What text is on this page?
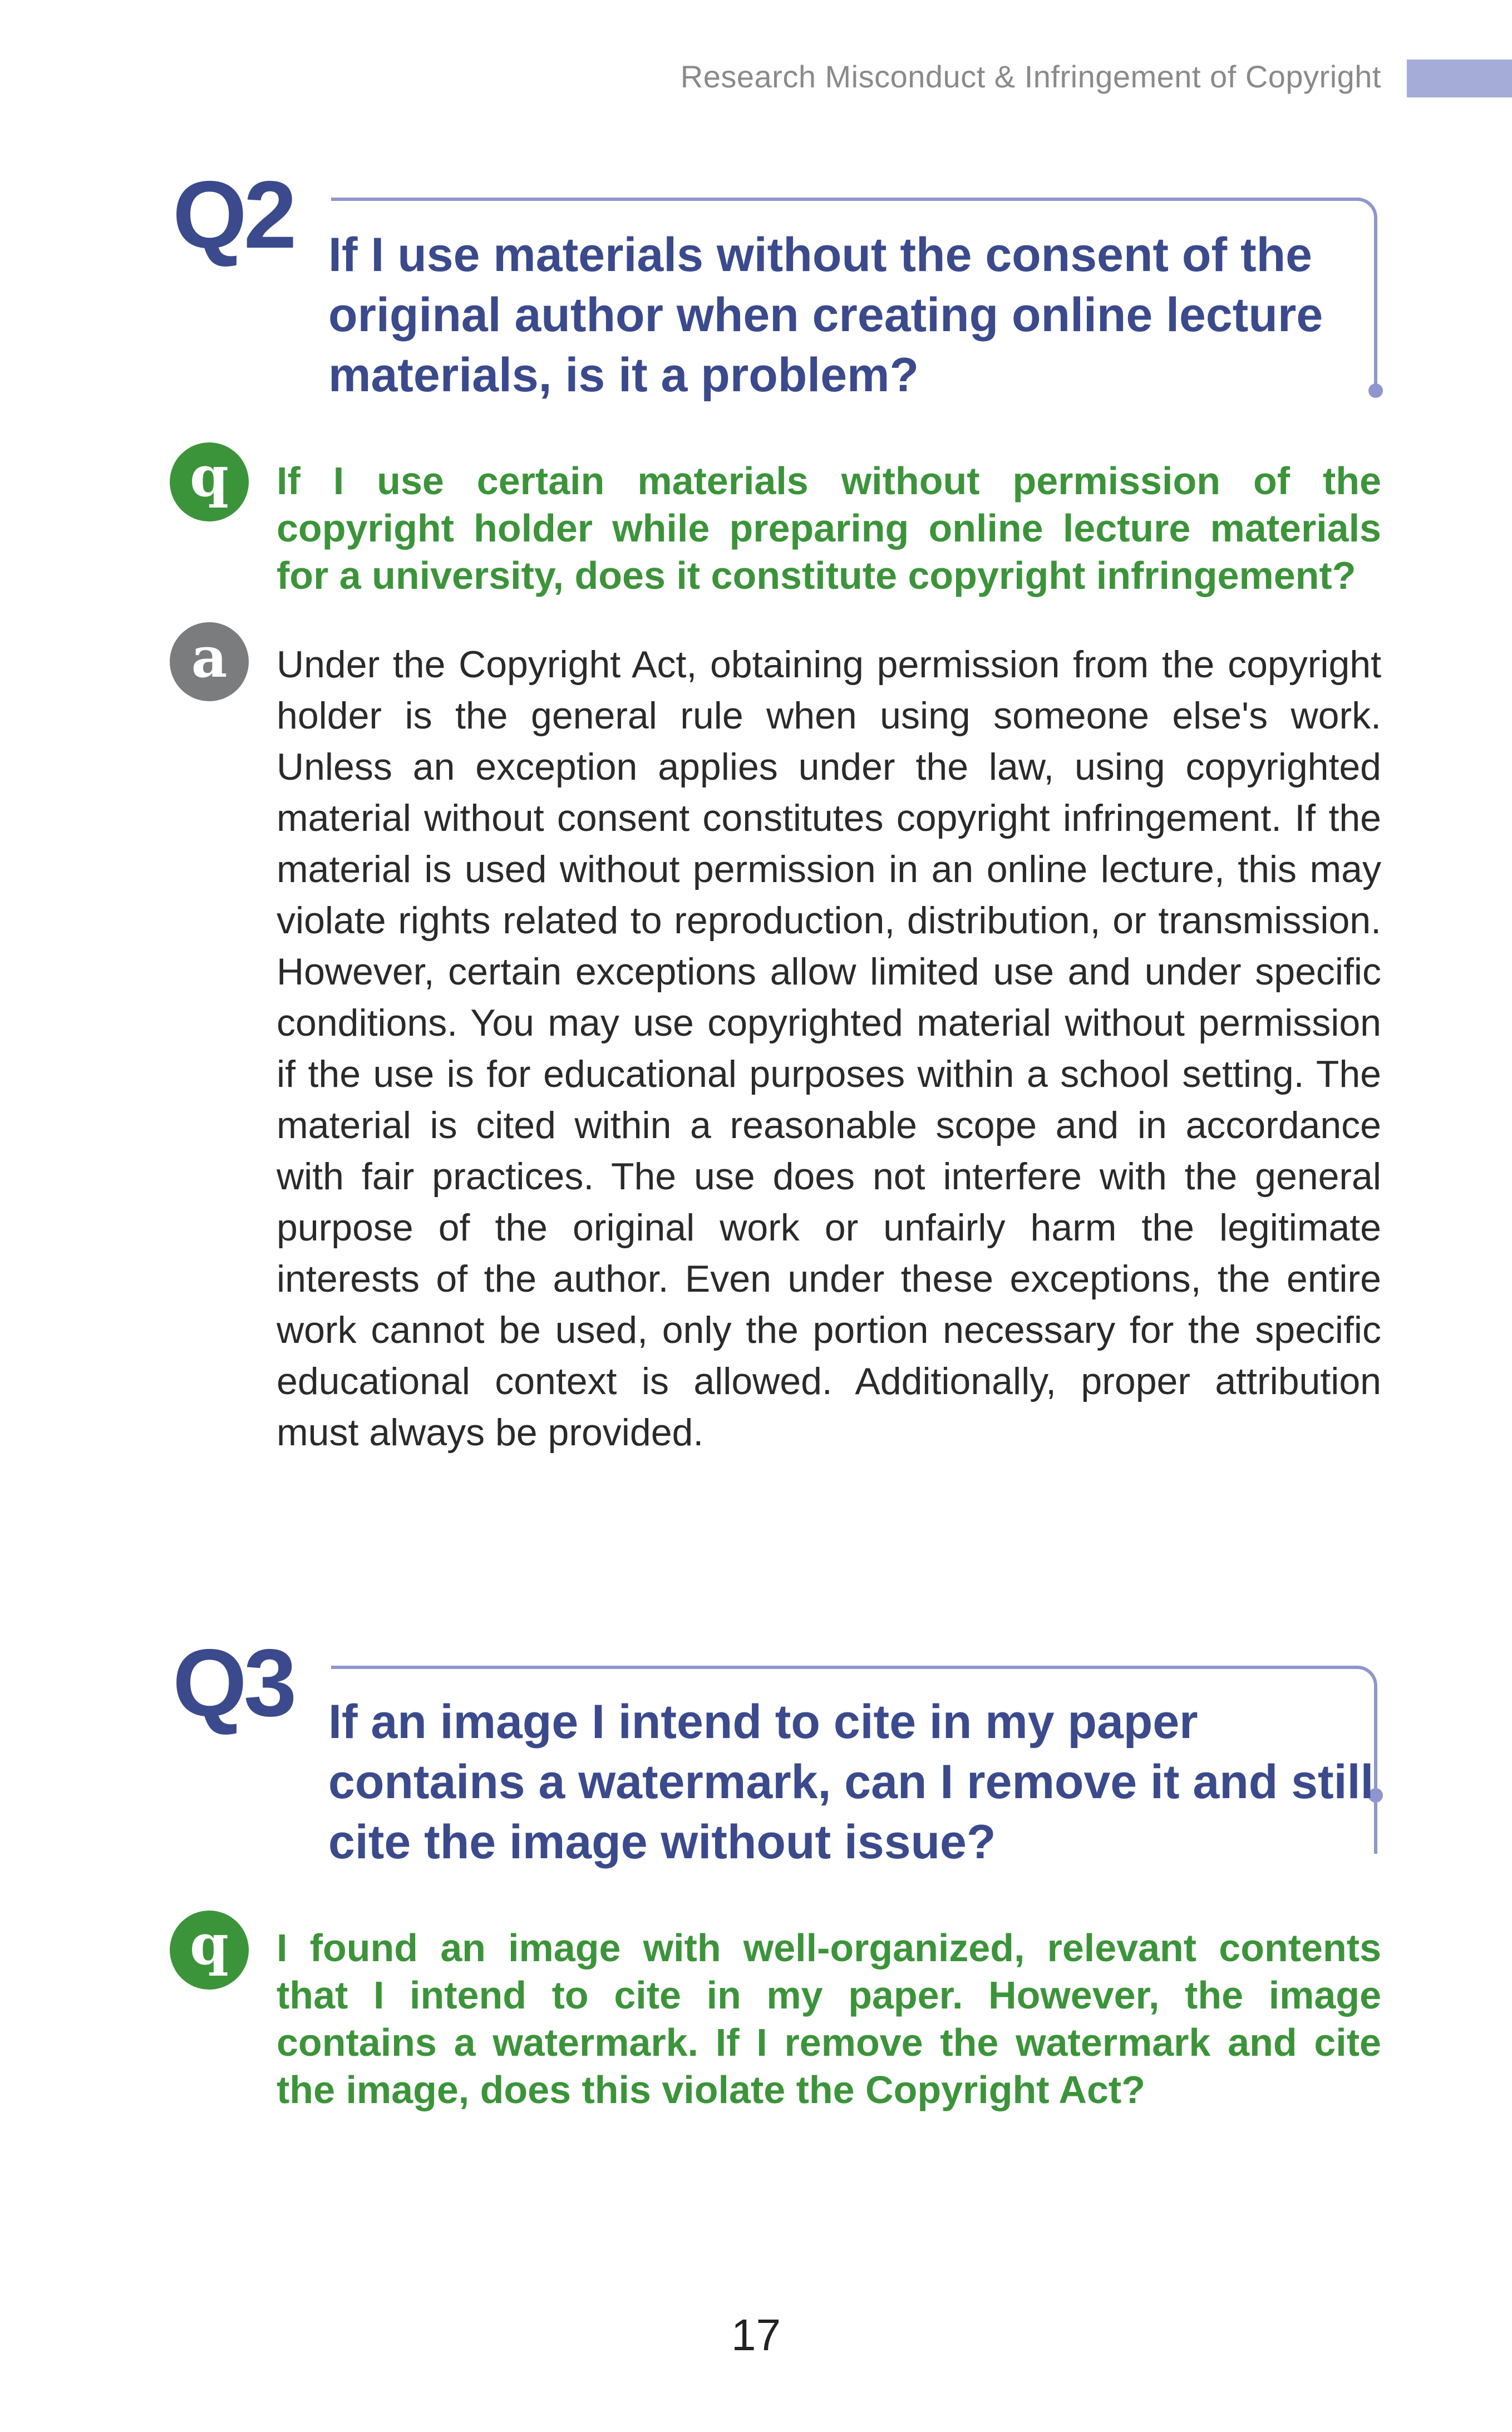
Research Misconduct & Infringement of Copyright
Q2 If I use materials without the consent of the original author when creating online lecture materials, is it a problem?
q	If I use certain materials without permission of the copyright holder while preparing online lecture materials for a university, does it constitute copyright infringement?
a	Under the Copyright Act, obtaining permission from the copyright holder is the general rule when using someone else's work. Unless an exception applies under the law, using copyrighted material without consent constitutes copyright infringement. If the material is used without permission in an online lecture, this may violate rights related to reproduction, distribution, or transmission. However, certain exceptions allow limited use and under specific conditions. You may use copyrighted material without permission if the use is for educational purposes within a school setting. The material is cited within a reasonable scope and in accordance with fair practices. The use does not interfere with the general purpose of the original work or unfairly harm the legitimate interests of the author. Even under these exceptions, the entire work cannot be used, only the portion necessary for the specific educational context is allowed. Additionally, proper attribution must always be provided.
Q3 If an image I intend to cite in my paper contains a watermark, can I remove it and still cite the image without issue?
q	I found an image with well-organized, relevant contents that I intend to cite in my paper. However, the image contains a watermark. If I remove the watermark and cite the image, does this violate the Copyright Act?
17
